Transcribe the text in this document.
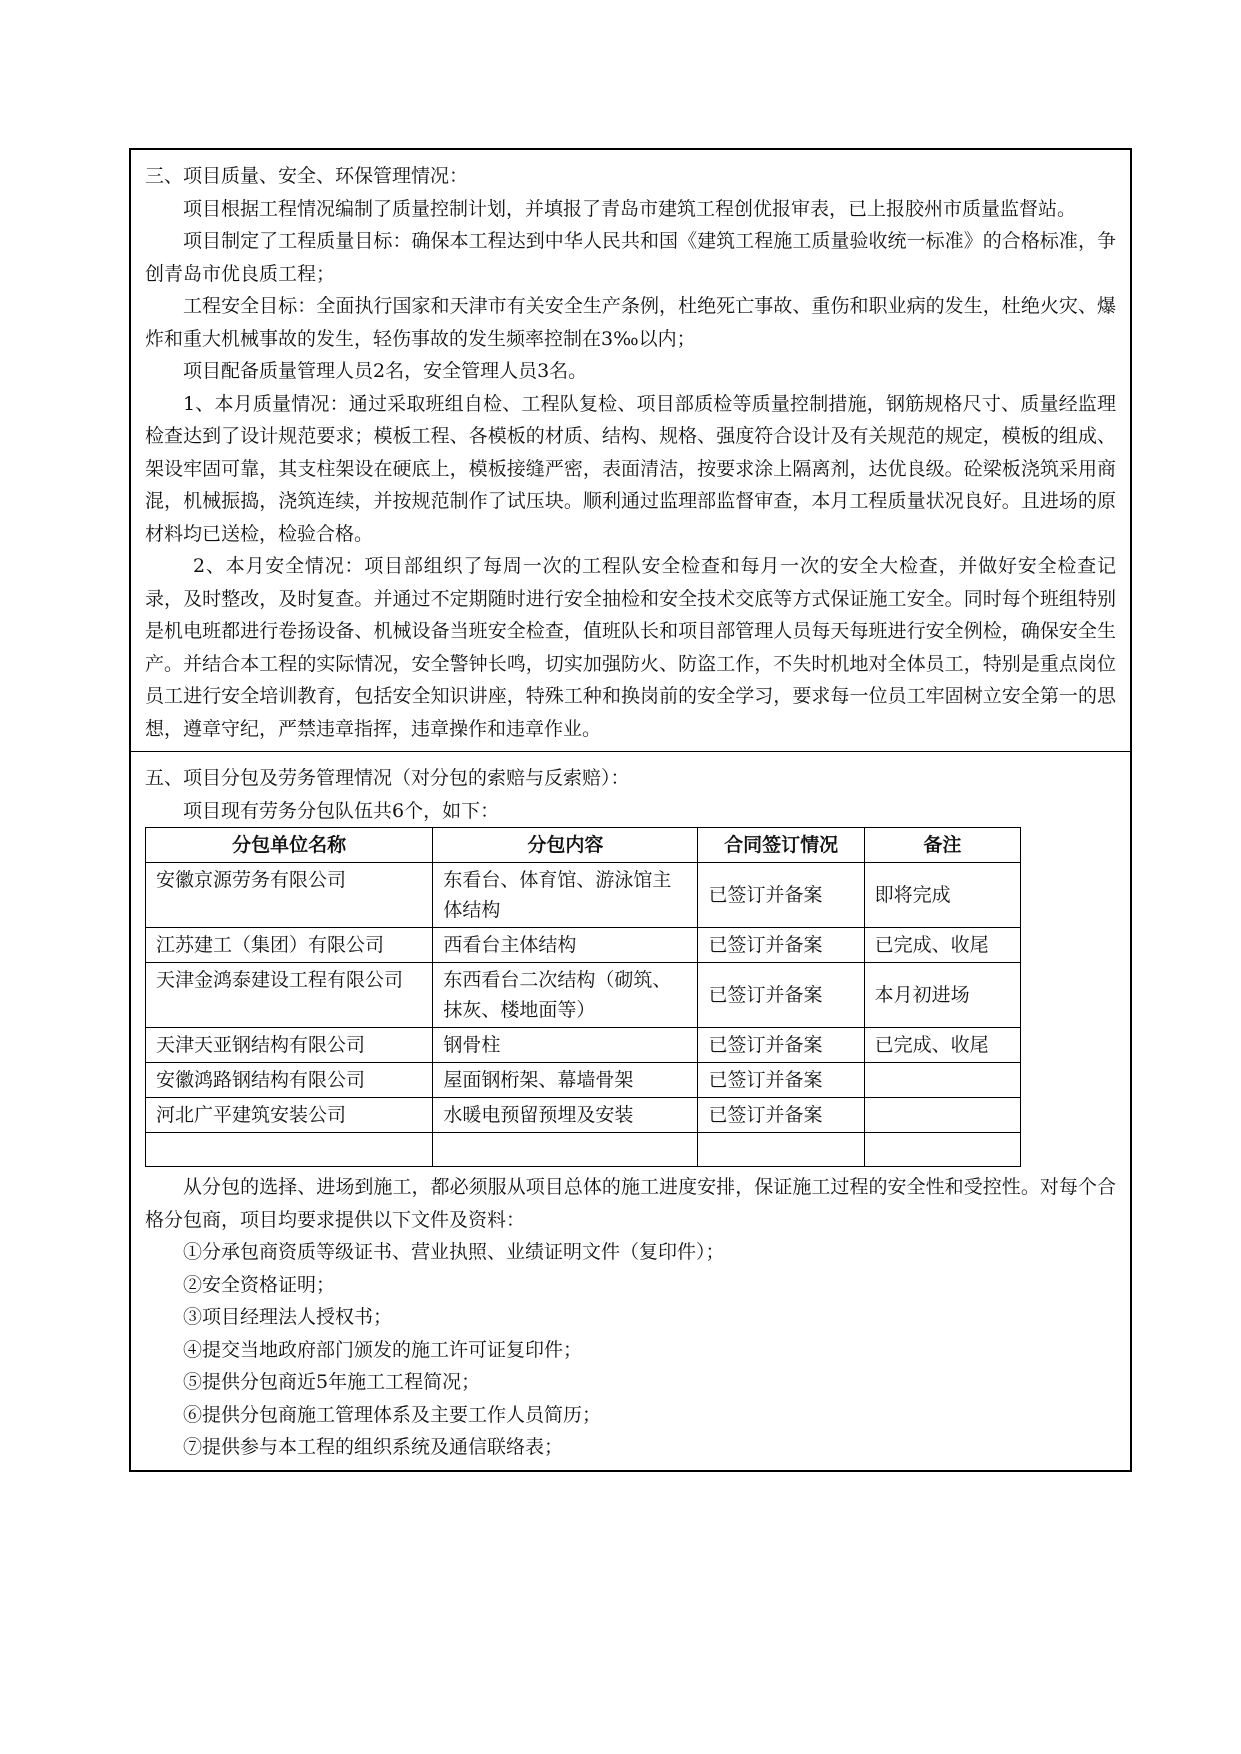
三、项目质量、安全、环保管理情况：

项目根据工程情况编制了质量控制计划，并填报了青岛市建筑工程创优报审表，已上报胶州市质量监督站。

项目制定了工程质量目标：确保本工程达到中华人民共和国《建筑工程施工质量验收统一标准》的合格标准，争创青岛市优良质工程；

工程安全目标：全面执行国家和天津市有关安全生产条例，杜绝死亡事故、重伤和职业病的发生，杜绝火灾、爆炸和重大机械事故的发生，轻伤事故的发生频率控制在3‰以内；

项目配备质量管理人员2名，安全管理人员3名。

1、本月质量情况：通过采取班组自检、工程队复检、项目部质检等质量控制措施，钢筋规格尺寸、质量经监理检查达到了设计规范要求；模板工程、各模板的材质、结构、规格、强度符合设计及有关规范的规定，模板的组成、架设牢固可靠，其支柱架设在硬底上，模板接缝严密，表面清洁，按要求涂上隔离剂，达优良级。砼梁板浇筑采用商混，机械振捣，浇筑连续，并按规范制作了试压块。顺利通过监理部监督审查，本月工程质量状况良好。且进场的原材料均已送检，检验合格。

2、本月安全情况：项目部组织了每周一次的工程队安全检查和每月一次的安全大检查，并做好安全检查记录，及时整改，及时复查。并通过不定期随时进行安全抽检和安全技术交底等方式保证施工安全。同时每个班组特别是机电班都进行卷扬设备、机械设备当班安全检查，值班队长和项目部管理人员每天每班进行安全例检，确保安全生产。并结合本工程的实际情况，安全警钟长鸣，切实加强防火、防盗工作，不失时机地对全体员工，特别是重点岗位员工进行安全培训教育，包括安全知识讲座，特殊工种和换岗前的安全学习，要求每一位员工牢固树立安全第一的思想，遵章守纪，严禁违章指挥，违章操作和违章作业。

五、项目分包及劳务管理情况（对分包的索赔与反索赔）：

项目现有劳务分包队伍共6个，如下：

分包单位名称	分包内容	合同签订情况	备注
安徽京源劳务有限公司	东看台、体育馆、游泳馆主体结构	已签订并备案	即将完成
江苏建工（集团）有限公司	西看台主体结构	已签订并备案	已完成、收尾
天津金鸿泰建设工程有限公司	东西看台二次结构（砌筑、抹灰、楼地面等）	已签订并备案	本月初进场
天津天亚钢结构有限公司	钢骨柱	已签订并备案	已完成、收尾
安徽鸿路钢结构有限公司	屋面钢桁架、幕墙骨架	已签订并备案	
河北广平建筑安装公司	水暖电预留预埋及安装	已签订并备案	

从分包的选择、进场到施工，都必须服从项目总体的施工进度安排，保证施工过程的安全性和受控性。对每个合格分包商，项目均要求提供以下文件及资料：

①分承包商资质等级证书、营业执照、业绩证明文件（复印件）；

②安全资格证明；

③项目经理法人授权书；

④提交当地政府部门颁发的施工许可证复印件；

⑤提供分包商近5年施工工程简况；

⑥提供分包商施工管理体系及主要工作人员简历；

⑦提供参与本工程的组织系统及通信联络表；
